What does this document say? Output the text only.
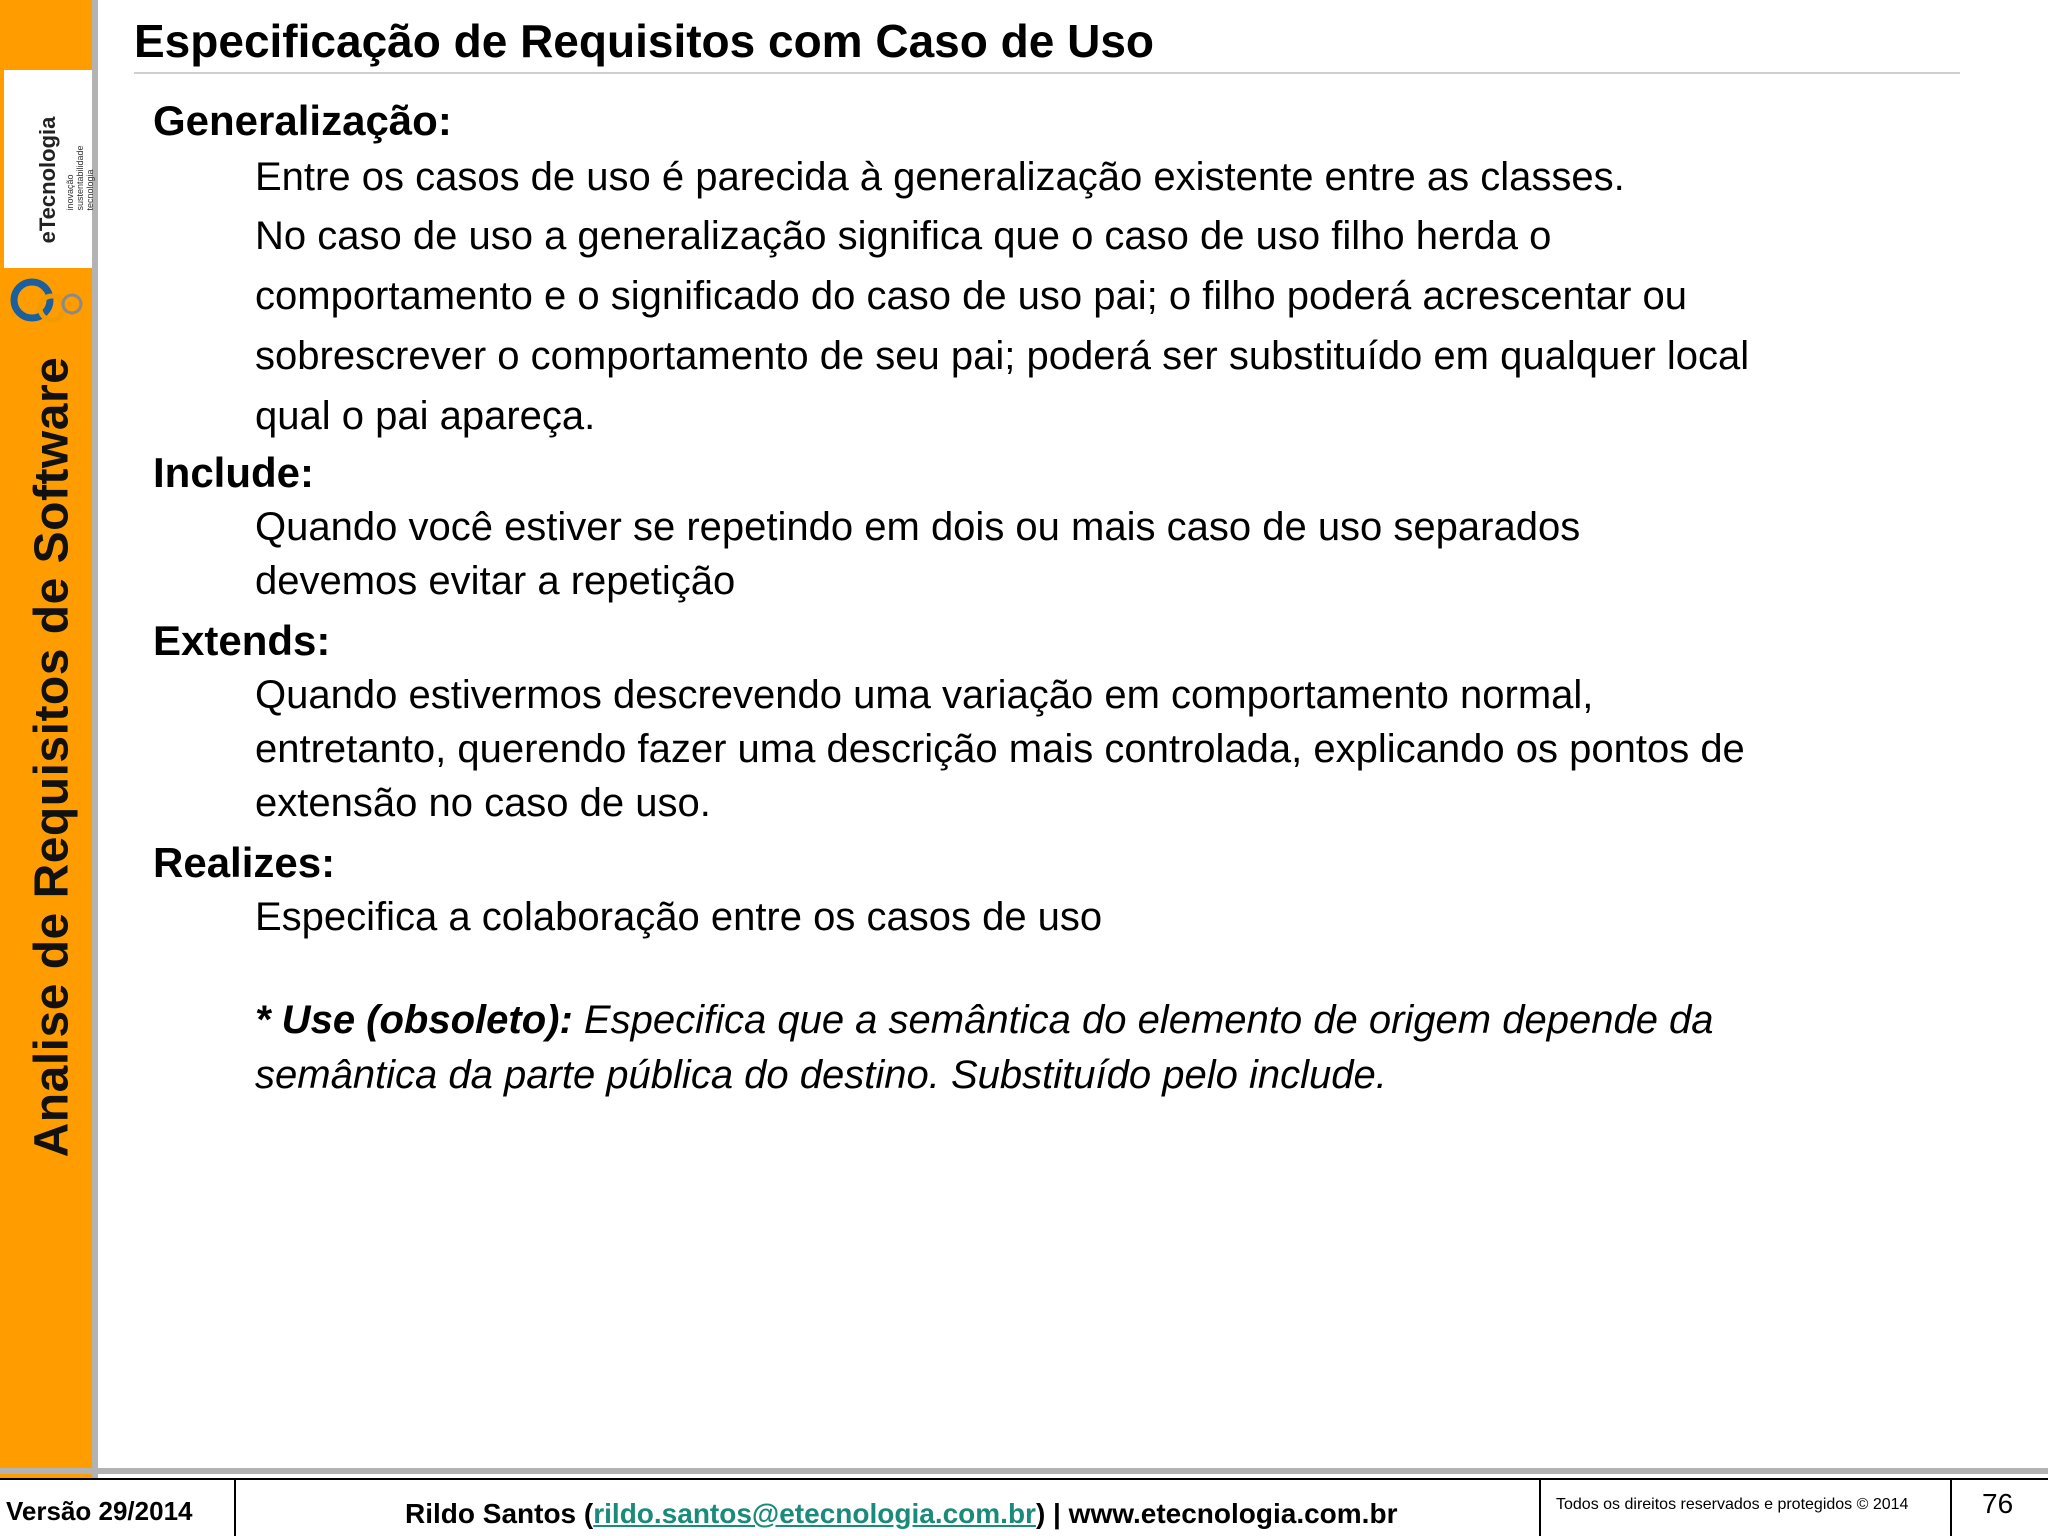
eTecnologia inovação sustentabilidade tecnologia
Analise de Requisitos de Software
Especificação de Requisitos com Caso de Uso

Generalização:

Entre os casos de uso é parecida à generalização existente entre as classes.

No caso de uso a generalização significa que o caso de uso filho herda o

comportamento e o significado do caso de uso pai; o filho poderá acrescentar ou

sobrescrever o comportamento de seu pai; poderá ser substituído em qualquer local

qual o pai apareça.

Include:

Quando você estiver se repetindo em dois ou mais caso de uso separados

devemos evitar a repetição

Extends:

Quando estivermos descrevendo uma variação em comportamento normal,

entretanto, querendo fazer uma descrição mais controlada, explicando os pontos de

extensão no caso de uso.

Realizes:

Especifica a colaboração entre os casos de uso

* Use (obsoleto): Especifica que a semântica do elemento de origem depende da

semântica da parte pública do destino. Substituído pelo include.

Versão 29/2014	Rildo Santos (rildo.santos@etecnologia.com.br) | www.etecnologia.com.br	Todos os direitos reservados e protegidos © 2014	76
